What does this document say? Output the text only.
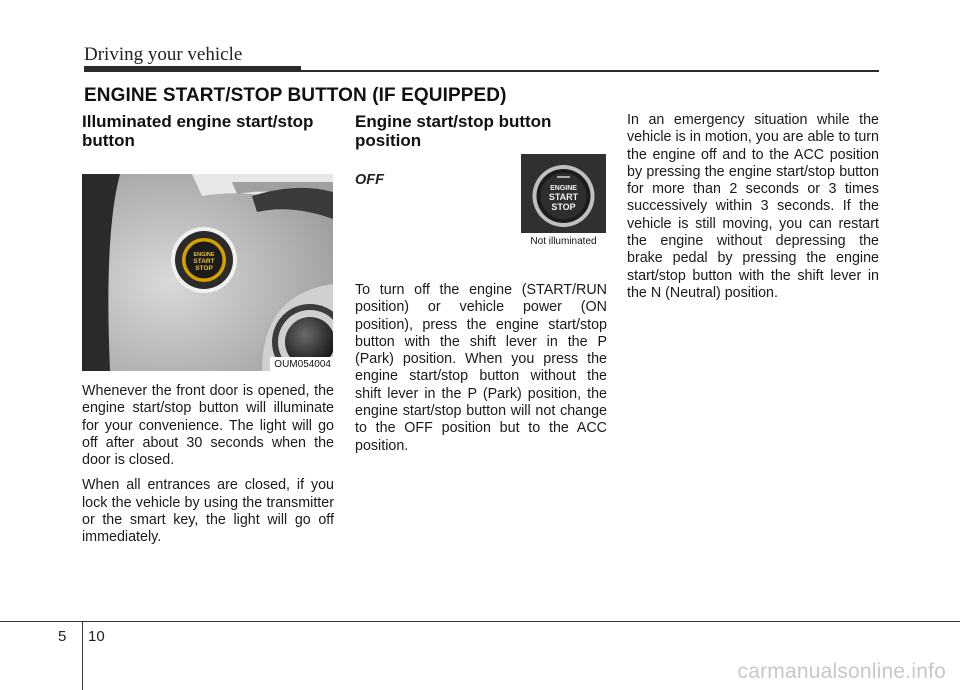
Driving your vehicle
ENGINE START/STOP BUTTON (IF EQUIPPED)
Illuminated engine start/stop button
ENGINE
START
STOP
OUM054004

Whenever the front door is opened, the engine start/stop button will illuminate for your convenience. The light will go off after about 30 seconds when the door is closed.

When all entrances are closed, if you lock the vehicle by using the transmitter or the smart key, the light will go off immediately.

Engine start/stop button position
OFF
ENGINE
START
STOP
Not illuminated

To turn off the engine (START/RUN position) or vehicle power (ON position), press the engine start/stop button with the shift lever in the P (Park) position. When you press the engine start/stop button without the shift lever in the P (Park) position, the engine start/stop button will not change to the OFF position but to the ACC position.

In an emergency situation while the vehicle is in motion, you are able to turn the engine off and to the ACC position by pressing the engine start/stop button for more than 2 seconds or 3 times successively within 3 seconds. If the vehicle is still moving, you can restart the engine without depressing the brake pedal by pressing the engine start/stop button with the shift lever in the N (Neutral) position.

5 10
carmanualsonline.info
